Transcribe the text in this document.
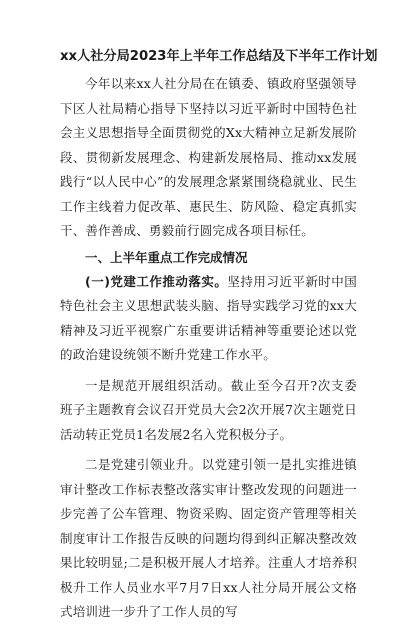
xx人社分局2023年上半年工作总结及下半年工作计划

今年以来xx人社分局在在镇委、镇政府坚强领导下区人社局精心指导下坚持以习近平新时中国特色社会主义思想指导全面贯彻党的Xx大精神立足新发展阶段、贯彻新发展理念、构建新发展格局、推动xx发展践行“以人民中心”的发展理念紧紧围绕稳就业、民生工作主线着力促改革、惠民生、防风险、稳定真抓实干、善作善成、勇毅前行圆完成各项目标任。

一、上半年重点工作完成情况

(一)党建工作推动落实。坚持用习近平新时中国特色社会主义思想武装头脑、指导实践学习党的xx大精神及习近平视察广东重要讲话精神等重要论述以党的政治建设统领不断升党建工作水平。

一是规范开展组织活动。截止至今召开?次支委班子主题教育会议召开党员大会2次开展7次主题党日活动转正党员1名发展2名入党积极分子。

二是党建引领业升。以党建引领一是扎实推进镇审计整改工作标表整改落实审计整改发现的问题进一步完善了公车管理、物资采购、固定资产管理等相关制度审计工作报告反映的问题均得到纠正解决整改效果比较明显;二是积极开展人才培养。注重人才培养积极升工作人员业水平7月7日xx人社分局开展公文格式培训进一步升了工作人员的写
